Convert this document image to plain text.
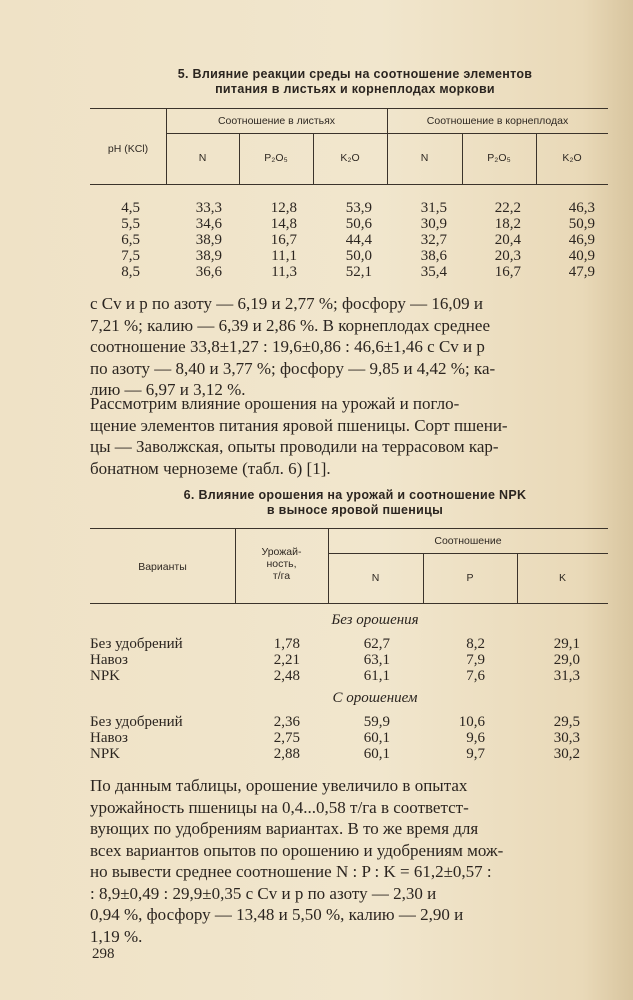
5. Влияние реакции среды на соотношение элементов
питания в листьях и корнеплодах моркови
pH (KCl)
Соотношение в листьях	Соотношение в корнеплодах
N	P₂O₅	K₂O	N	P₂O₅	K₂O
4,5	33,3	12,8	53,9	31,5	22,2	46,3
5,5	34,6	14,8	50,6	30,9	18,2	50,9
6,5	38,9	16,7	44,4	32,7	20,4	46,9
7,5	38,9	11,1	50,0	38,6	20,3	40,9
8,5	36,6	11,3	52,1	35,4	16,7	47,9
с Cv и p по азоту — 6,19 и 2,77 %; фосфору — 16,09 и
7,21 %; калию — 6,39 и 2,86 %. В корнеплодах среднее
соотношение 33,8±1,27 : 19,6±0,86 : 46,6±1,46 с Cv и p
по азоту — 8,40 и 3,77 %; фосфору — 9,85 и 4,42 %; ка-
лию — 6,97 и 3,12 %.
Рассмотрим влияние орошения на урожай и погло-
щение элементов питания яровой пшеницы. Сорт пшени-
цы — Заволжская, опыты проводили на террасовом кар-
бонатном черноземе (табл. 6) [1].
6. Влияние орошения на урожай и соотношение NPK
в выносе яровой пшеницы
Варианты
Урожай-
ность,
т/га
Соотношение
N	P	K
Без орошения
Без удобрений	1,78	62,7	8,2	29,1
Навоз	2,21	63,1	7,9	29,0
NPK	2,48	61,1	7,6	31,3
С орошением
Без удобрений	2,36	59,9	10,6	29,5
Навоз	2,75	60,1	9,6	30,3
NPK	2,88	60,1	9,7	30,2
По данным таблицы, орошение увеличило в опытах
урожайность пшеницы на 0,4...0,58 т/га в соответст-
вующих по удобрениям вариантах. В то же время для
всех вариантов опытов по орошению и удобрениям мож-
но вывести среднее соотношение N : P : K = 61,2±0,57 :
: 8,9±0,49 : 29,9±0,35 с Cv и p по азоту — 2,30 и
0,94 %, фосфору — 13,48 и 5,50 %, калию — 2,90 и
1,19 %.
298
